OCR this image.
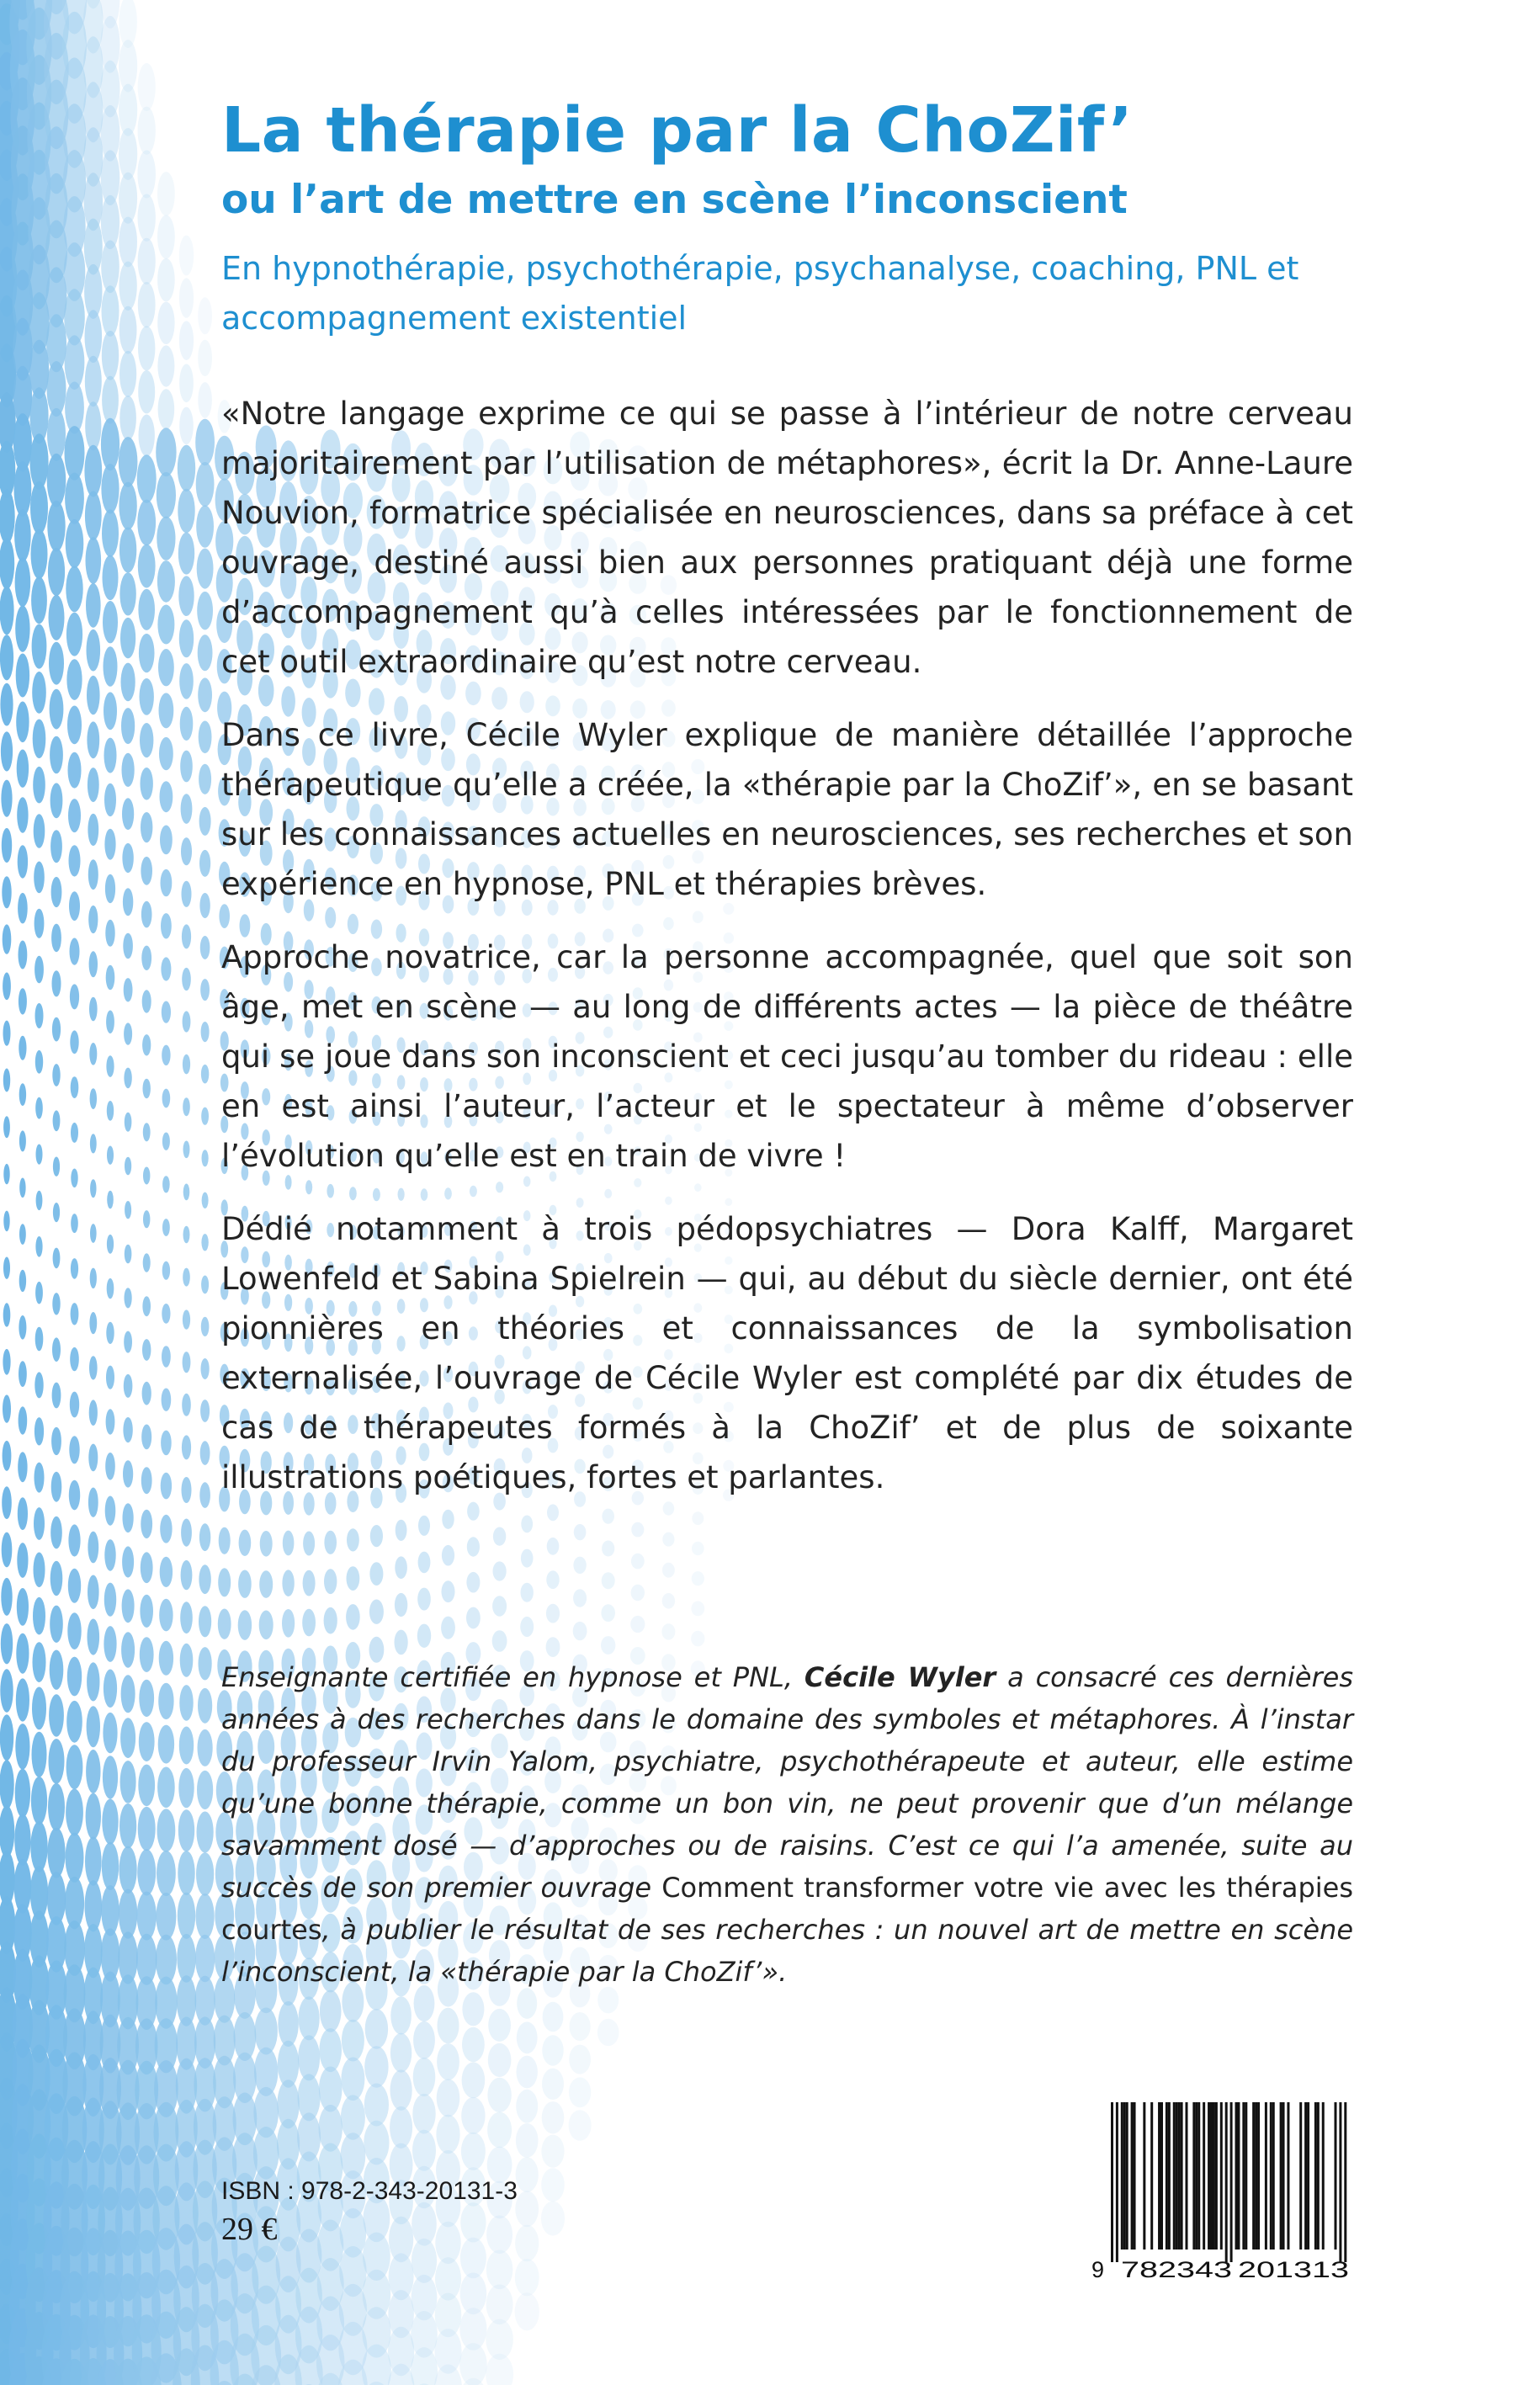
La thérapie par la ChoZif’
ou l’art de mettre en scène l’inconscient

En hypnothérapie, psychothérapie, psychanalyse, coaching, PNL et accompagnement existentiel

«Notre langage exprime ce qui se passe à l’intérieur de notre cerveau majoritairement par l’utilisation de métaphores», écrit la Dr. Anne-Laure Nouvion, formatrice spécialisée en neurosciences, dans sa préface à cet ouvrage, destiné aussi bien aux personnes pratiquant déjà une forme d’accompagnement qu’à celles intéressées par le fonctionnement de cet outil extraordinaire qu’est notre cerveau.

Dans ce livre, Cécile Wyler explique de manière détaillée l’approche thérapeutique qu’elle a créée, la «thérapie par la ChoZif’», en se basant sur les connaissances actuelles en neurosciences, ses recherches et son expérience en hypnose, PNL et thérapies brèves.

Approche novatrice, car la personne accompagnée, quel que soit son âge, met en scène — au long de différents actes — la pièce de théâtre qui se joue dans son inconscient et ceci jusqu’au tomber du rideau : elle en est ainsi l’auteur, l’acteur et le spectateur à même d’observer l’évolution qu’elle est en train de vivre !

Dédié notamment à trois pédopsychiatres — Dora Kalff, Margaret Lowenfeld et Sabina Spielrein — qui, au début du siècle dernier, ont été pionnières en théories et connaissances de la symbolisation externalisée, l’ouvrage de Cécile Wyler est complété par dix études de cas de thérapeutes formés à la ChoZif’ et de plus de soixante illustrations poétiques, fortes et parlantes.

Enseignante certifiée en hypnose et PNL, Cécile Wyler a consacré ces dernières années à des recherches dans le domaine des symboles et métaphores. À l’instar du professeur Irvin Yalom, psychiatre, psychothérapeute et auteur, elle estime qu’une bonne thérapie, comme un bon vin, ne peut provenir que d’un mélange savamment dosé — d’approches ou de raisins. C’est ce qui l’a amenée, suite au succès de son premier ouvrage Comment transformer votre vie avec les thérapies courtes, à publier le résultat de ses recherches : un nouvel art de mettre en scène l’inconscient, la «thérapie par la ChoZif’».

ISBN : 978-2-343-20131-3

29 €

9 782343 201313
